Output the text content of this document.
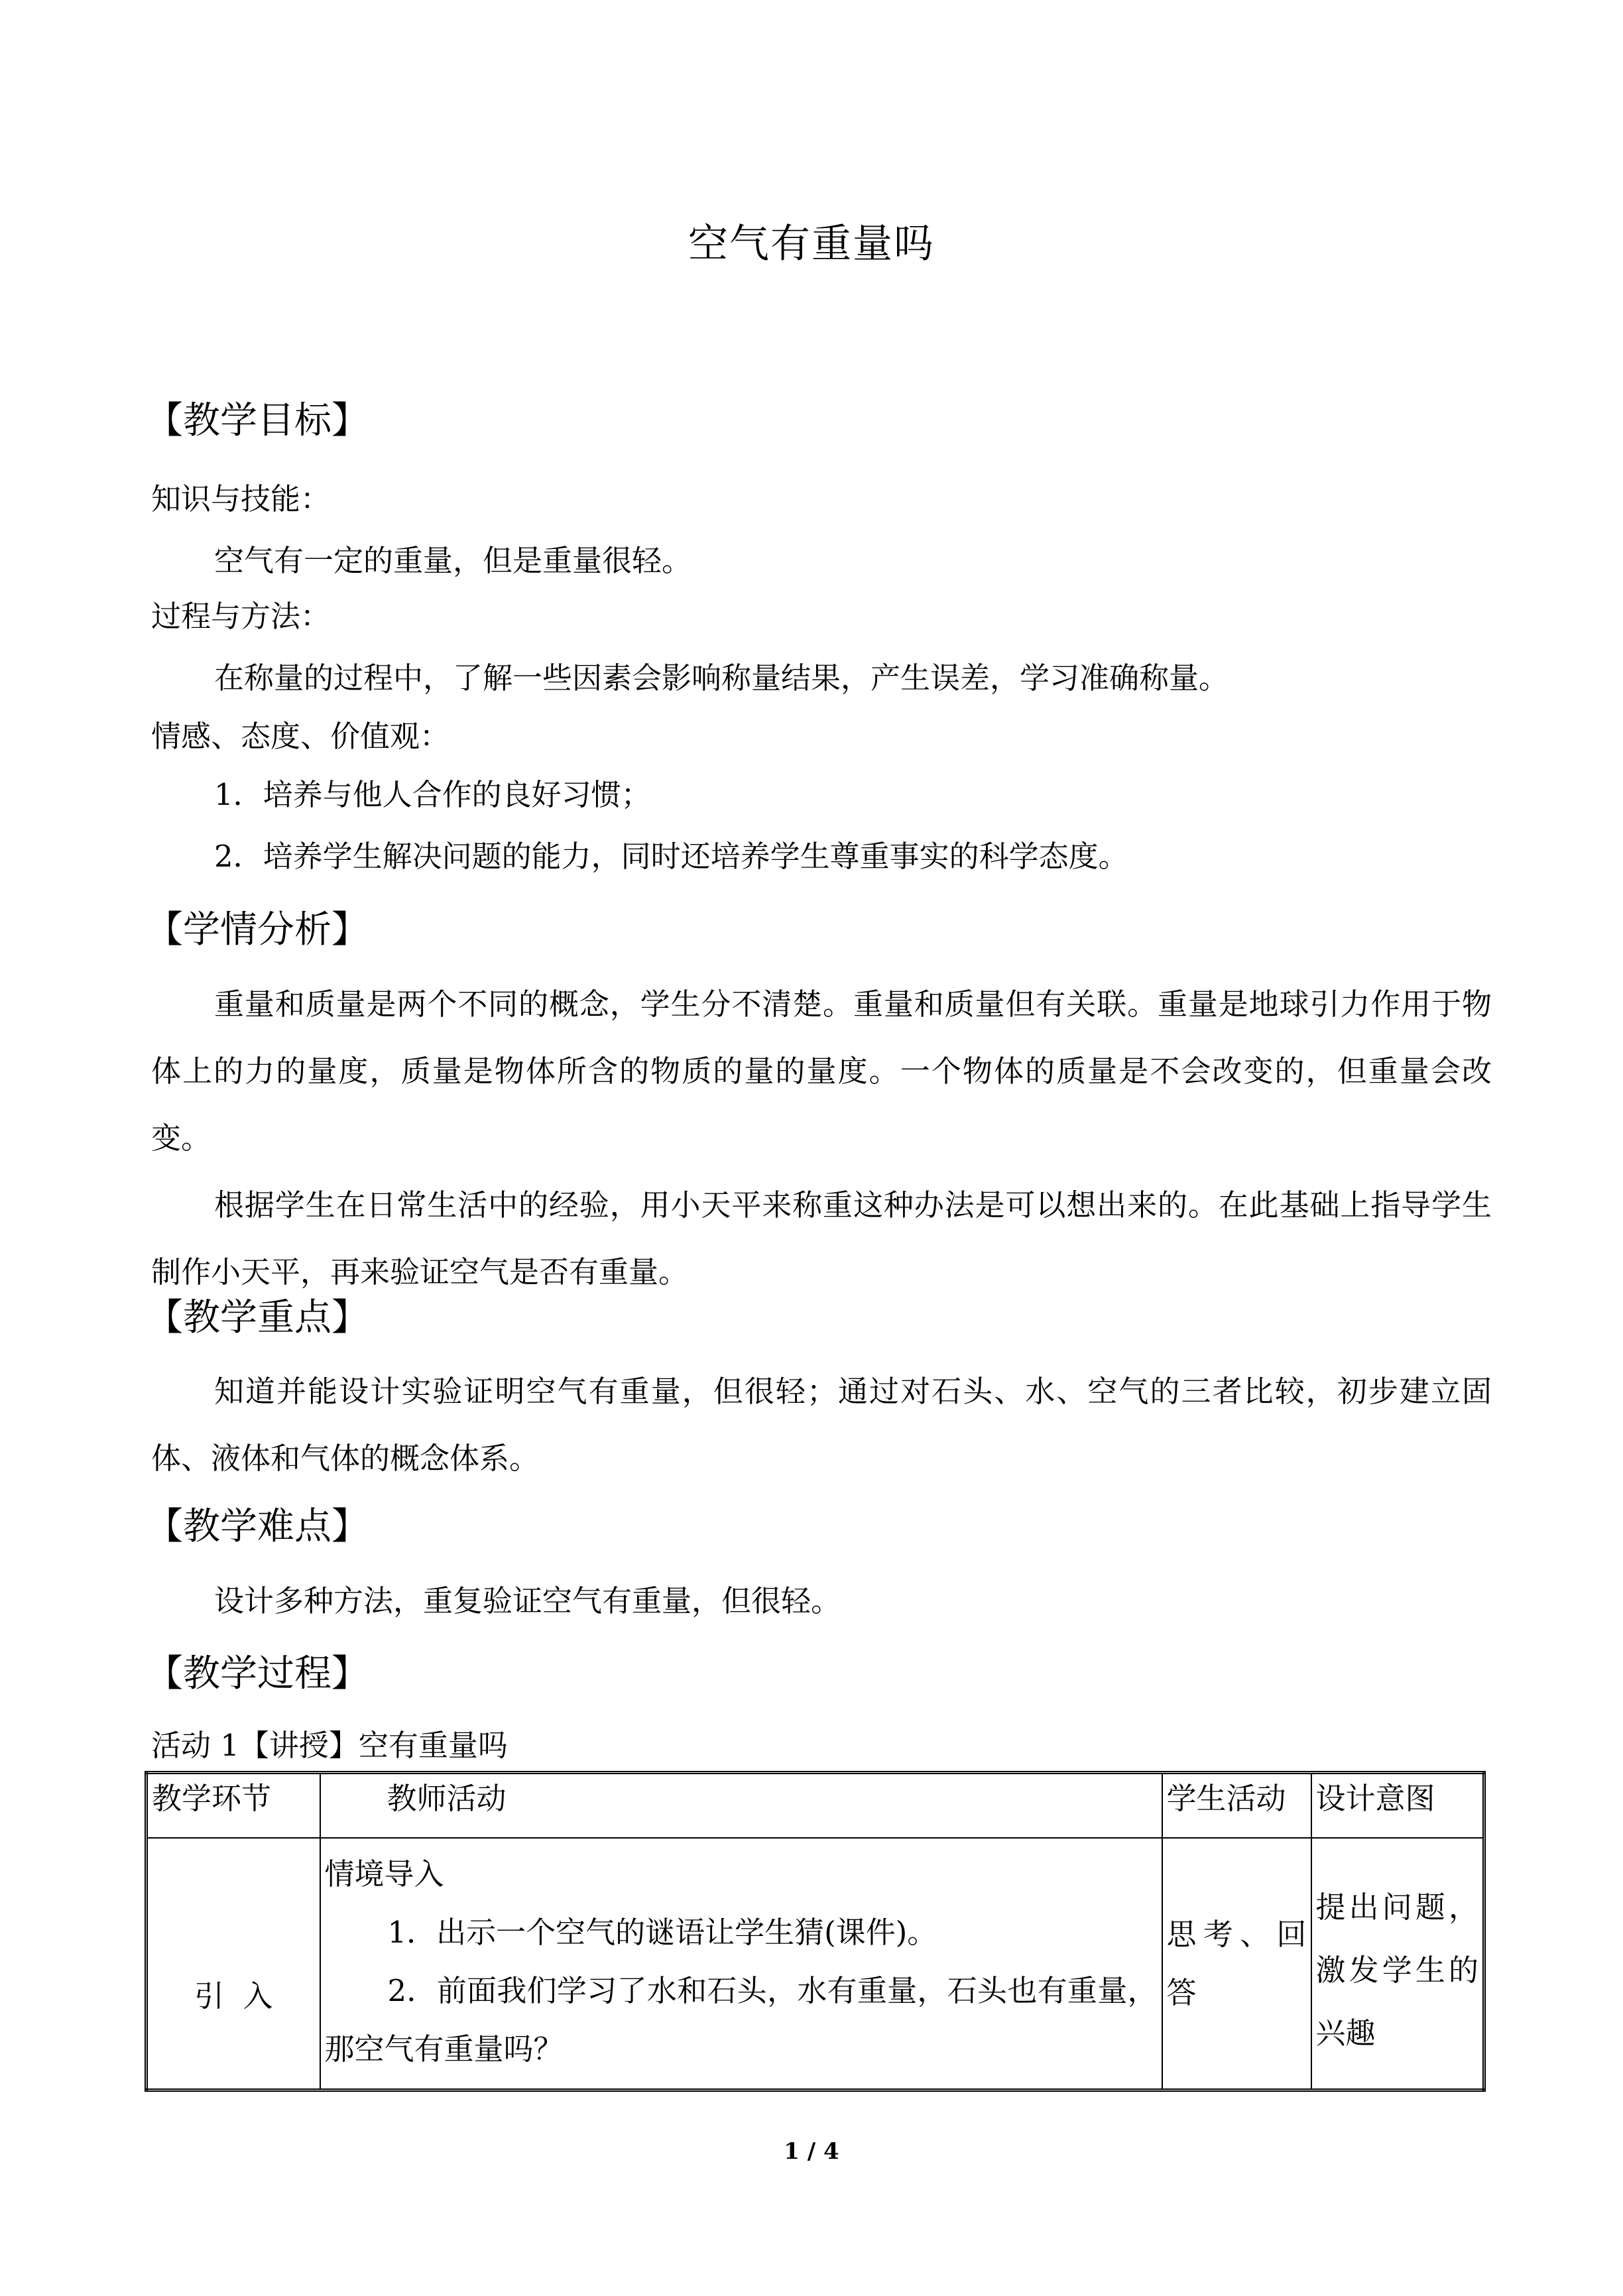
空气有重量吗
【教学目标】
知识与技能：
空气有一定的重量，但是重量很轻。
过程与方法：
在称量的过程中，了解一些因素会影响称量结果，产生误差，学习准确称量。
情感、态度、价值观：
1．培养与他人合作的良好习惯；
2．培养学生解决问题的能力，同时还培养学生尊重事实的科学态度。
【学情分析】
重量和质量是两个不同的概念，学生分不清楚。重量和质量但有关联。重量是地球引力作用于物体上的力的量度，质量是物体所含的物质的量的量度。一个物体的质量是不会改变的，但重量会改变。
根据学生在日常生活中的经验，用小天平来称重这种办法是可以想出来的。在此基础上指导学生制作小天平，再来验证空气是否有重量。
【教学重点】
知道并能设计实验证明空气有重量，但很轻；通过对石头、水、空气的三者比较，初步建立固体、液体和气体的概念体系。
【教学难点】
设计多种方法，重复验证空气有重量，但很轻。
【教学过程】
活动 1【讲授】空有重量吗
教学环节	教师活动	学生活动	设计意图
引  入	情境导入
1．出示一个空气的谜语让学生猜(课件)。
2．前面我们学习了水和石头，水有重量，石头也有重量，那空气有重量吗？	思考、回答	提出问题，激发学生的兴趣
1 / 4
